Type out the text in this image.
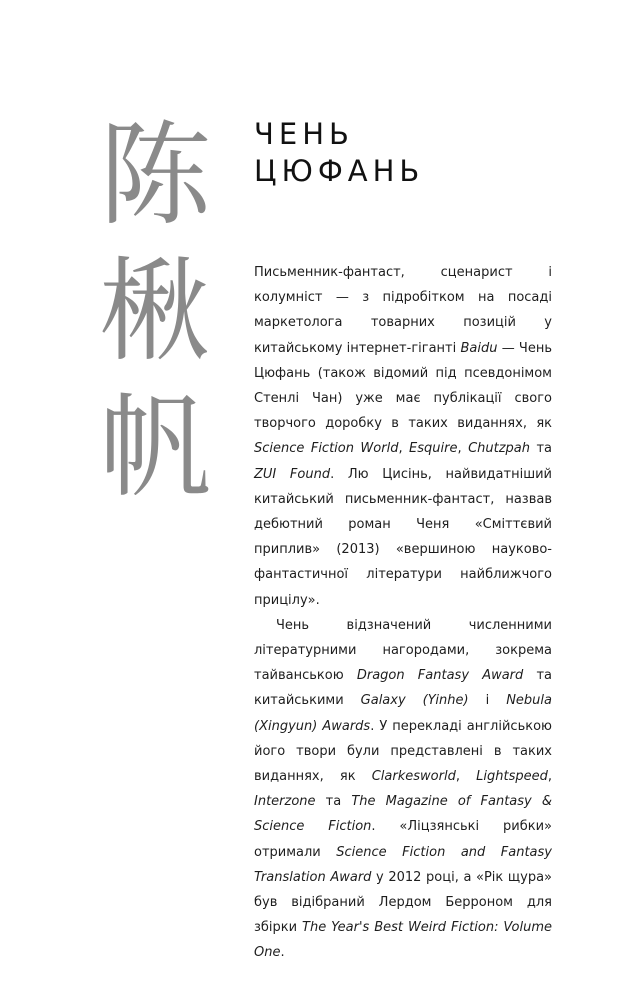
陈
楸
帆
ЧЕНЬ
ЦЮФАНЬ

Письменник-фантаст, сценарист і колумніст — з підробітком на посаді маркетолога товарних позицій у китайському інтернет-гіганті Baidu — Чень Цюфань (також відомий під псевдонімом Стенлі Чан) уже має публікації свого творчого доробку в таких виданнях, як Science Fiction World, Esquire, Chutzpah та ZUI Found. Лю Цисінь, найвидатніший китайський письменник-фантаст, назвав дебютний роман Ченя «Сміттєвий приплив» (2013) «вершиною науково-фантастичної літератури найближчого прицілу».

Чень відзначений численними літературними нагородами, зокрема тайванською Dragon Fantasy Award та китайськими Galaxy (Yinhe) і Nebula (Xingyun) Awards. У перекладі англійською його твори були представлені в таких виданнях, як Clarkesworld, Lightspeed, Interzone та The Magazine of Fantasy & Science Fiction. «Ліцзянські рибки» отримали Science Fiction and Fantasy Translation Award у 2012 році, а «Рік щура» був відібраний Лердом Берроном для збірки The Year's Best Weird Fiction: Volume One.
